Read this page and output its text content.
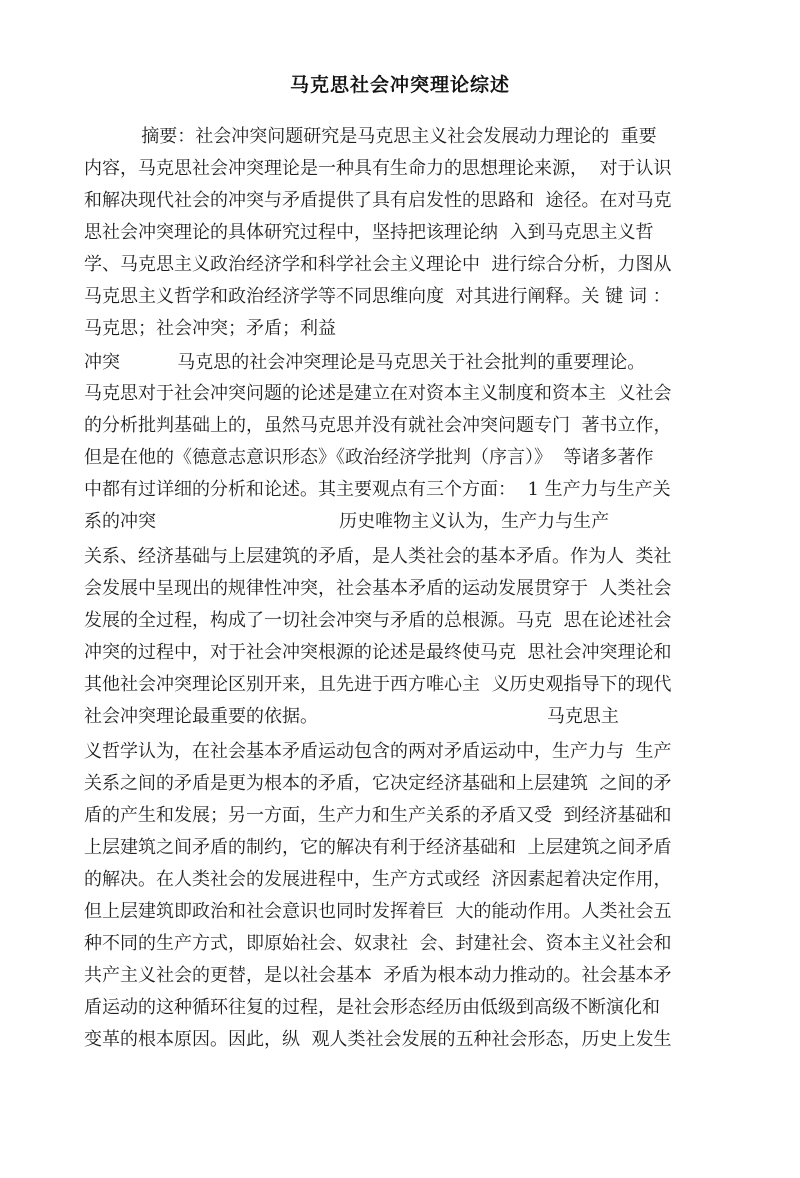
马克思社会冲突理论综述
摘要：社会冲突问题研究是马克思主义社会发展动力理论的  重要
内容，马克思社会冲突理论是一种具有生命力的思想理论来源，  对于认识
和解决现代社会的冲突与矛盾提供了具有启发性的思路和  途径。在对马克
思社会冲突理论的具体研究过程中，坚持把该理论纳  入到马克思主义哲
学、马克思主义政治经济学和科学社会主义理论中  进行综合分析，力图从
马克思主义哲学和政治经济学等不同思维向度  对其进行阐释。关 键 词 ：
马克思；社会冲突；矛盾；利益
冲突          马克思的社会冲突理论是马克思关于社会批判的重要理论。
马克思对于社会冲突问题的论述是建立在对资本主义制度和资本主  义社会
的分析批判基础上的，虽然马克思并没有就社会冲突问题专门  著书立作，
但是在他的《德意志意识形态》《政治经济学批判（序言）》  等诸多著作
中都有过详细的分析和论述。其主要观点有三个方面：  1 生产力与生产关
系的冲突                                历史唯物主义认为，生产力与生产
关系、经济基础与上层建筑的矛盾，是人类社会的基本矛盾。作为人  类社
会发展中呈现出的规律性冲突，社会基本矛盾的运动发展贯穿于  人类社会
发展的全过程，构成了一切社会冲突与矛盾的总根源。马克  思在论述社会
冲突的过程中，对于社会冲突根源的论述是最终使马克  思社会冲突理论和
其他社会冲突理论区别开来，且先进于西方唯心主  义历史观指导下的现代
社会冲突理论最重要的依据。                                        马克思主
义哲学认为，在社会基本矛盾运动包含的两对矛盾运动中，生产力与  生产
关系之间的矛盾是更为根本的矛盾，它决定经济基础和上层建筑  之间的矛
盾的产生和发展；另一方面，生产力和生产关系的矛盾又受  到经济基础和
上层建筑之间矛盾的制约，它的解决有利于经济基础和  上层建筑之间矛盾
的解决。在人类社会的发展进程中，生产方式或经  济因素起着决定作用，
但上层建筑即政治和社会意识也同时发挥着巨  大的能动作用。人类社会五
种不同的生产方式，即原始社会、奴隶社  会、封建社会、资本主义社会和
共产主义社会的更替，是以社会基本  矛盾为根本动力推动的。社会基本矛
盾运动的这种循环往复的过程，是社会形态经历由低级到高级不断演化和
变革的根本原因。因此，纵  观人类社会发展的五种社会形态，历史上发生
